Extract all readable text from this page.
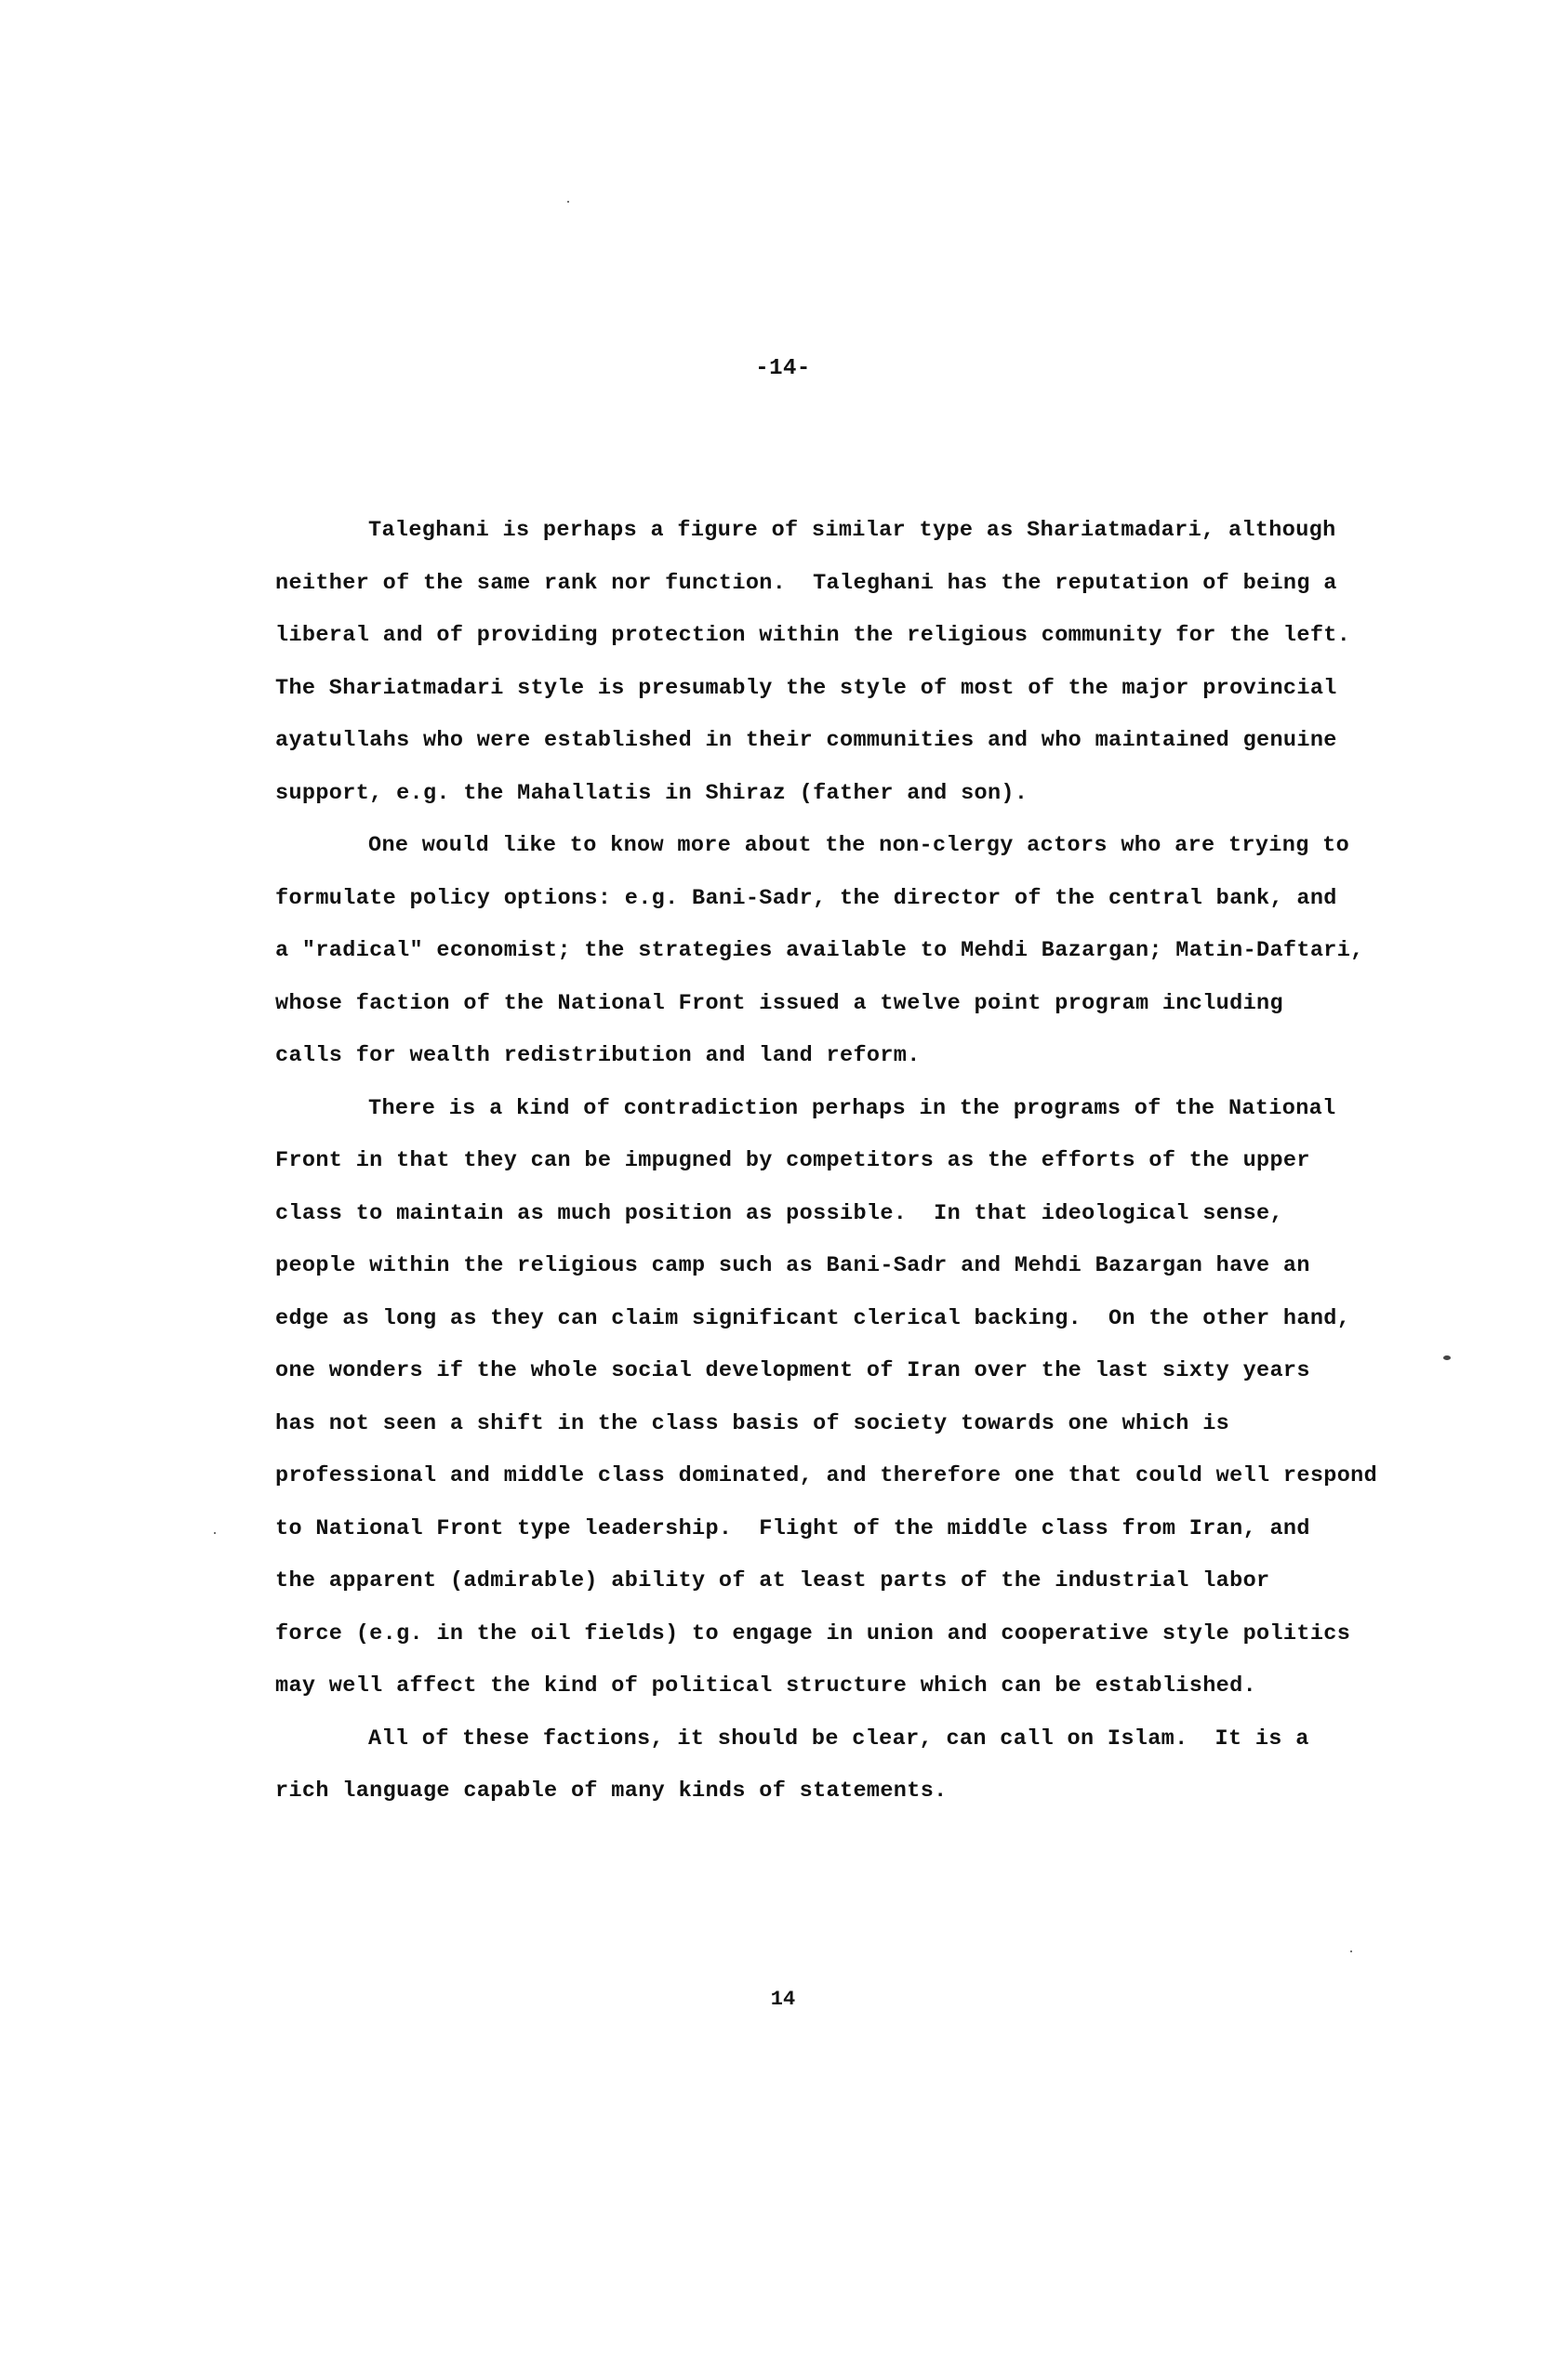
-14-
Taleghani is perhaps a figure of similar type as Shariatmadari, although
neither of the same rank nor function.  Taleghani has the reputation of being a
liberal and of providing protection within the religious community for the left.
The Shariatmadari style is presumably the style of most of the major provincial
ayatullahs who were established in their communities and who maintained genuine
support, e.g. the Mahallatis in Shiraz (father and son).
One would like to know more about the non-clergy actors who are trying to
formulate policy options: e.g. Bani-Sadr, the director of the central bank, and
a "radical" economist; the strategies available to Mehdi Bazargan; Matin-Daftari,
whose faction of the National Front issued a twelve point program including
calls for wealth redistribution and land reform.
There is a kind of contradiction perhaps in the programs of the National
Front in that they can be impugned by competitors as the efforts of the upper
class to maintain as much position as possible.  In that ideological sense,
people within the religious camp such as Bani-Sadr and Mehdi Bazargan have an
edge as long as they can claim significant clerical backing.  On the other hand,
one wonders if the whole social development of Iran over the last sixty years
has not seen a shift in the class basis of society towards one which is
professional and middle class dominated, and therefore one that could well respond
to National Front type leadership.  Flight of the middle class from Iran, and
the apparent (admirable) ability of at least parts of the industrial labor
force (e.g. in the oil fields) to engage in union and cooperative style politics
may well affect the kind of political structure which can be established.
All of these factions, it should be clear, can call on Islam.  It is a
rich language capable of many kinds of statements.
14
